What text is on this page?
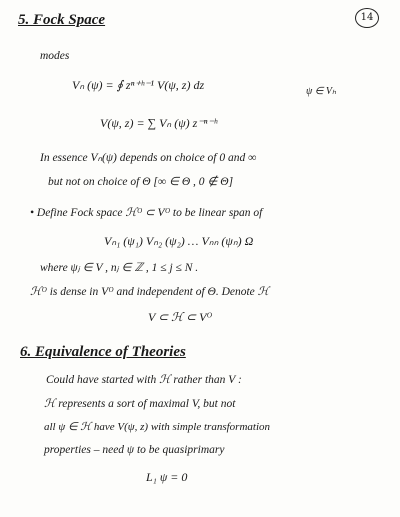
14
5. Fock Space
modes
Vₙ (ψ) = ∮ zⁿ⁺ʰ⁻¹ V(ψ, z) dz	ψ ∈ Vₕ
V(ψ, z) = ∑ Vₙ (ψ) z⁻ⁿ⁻ʰ
In essence Vₙ(ψ) depends on choice of 0 and ∞
but not on choice of Θ [∞ ∈ Θ , 0 ∉ Θ]
• Define Fock space ℋᴼ ⊂ Vᴼ to be linear span of
Vₙ₁ (ψ₁) Vₙ₂ (ψ₂) … Vₙₙ (ψₙ) Ω
where ψⱼ ∈ V , nⱼ ∈ ℤ , 1 ≤ j ≤ N .
ℋᴼ is dense in Vᴼ and independent of Θ. Denote ℋ
V ⊂ ℋ ⊂ Vᴼ
6. Equivalence of Theories
Could have started with ℋ rather than V :
ℋ represents a sort of maximal V, but not
all ψ ∈ ℋ have V(ψ, z) with simple transformation
properties – need ψ to be quasiprimary
L₁ ψ = 0
